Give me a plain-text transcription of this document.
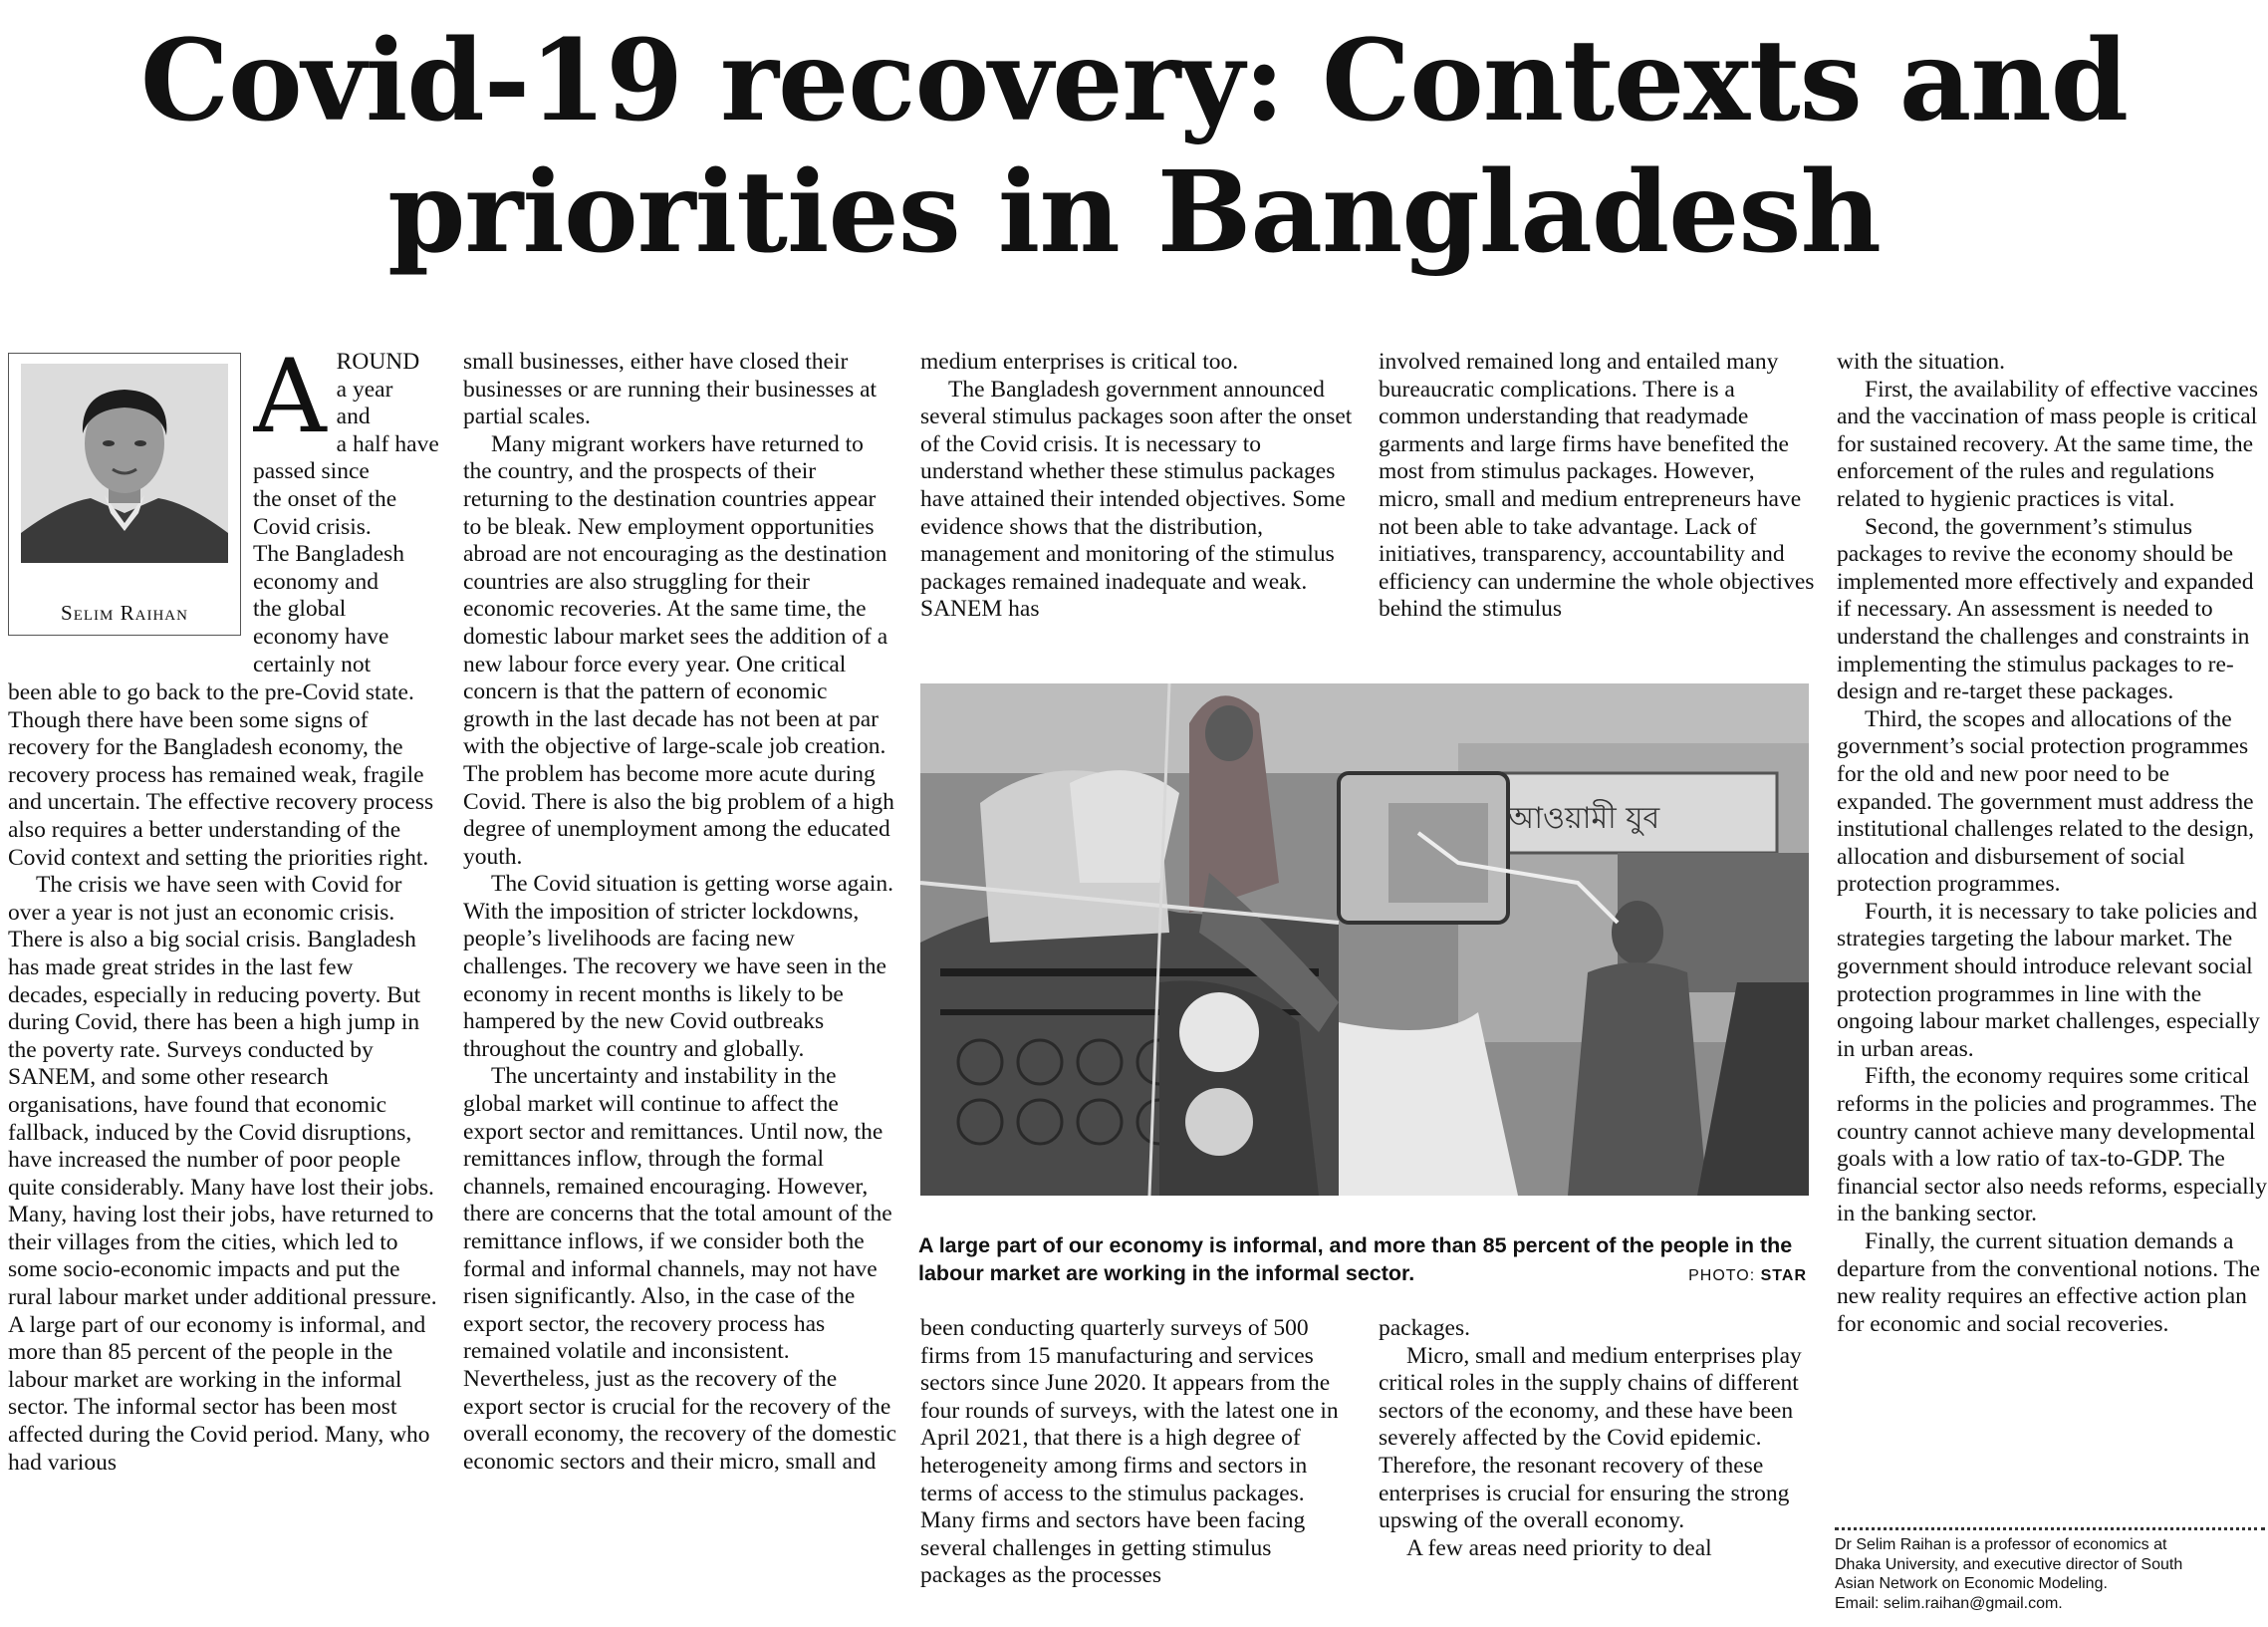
Covid-19 recovery: Contexts and
priorities in Bangladesh
Selim Raihan
A ROUND
a year
and
a half have
passed since
the onset of the
Covid crisis.
The Bangladesh
economy and
the global
economy have
certainly not

been able to go back to the pre-Covid state. Though there have been some signs of recovery for the Bangladesh economy, the recovery process has remained weak, fragile and uncertain. The effective recovery process also requires a better understanding of the Covid context and setting the priorities right.

The crisis we have seen with Covid for over a year is not just an economic crisis. There is also a big social crisis. Bangladesh has made great strides in the last few decades, especially in reducing poverty. But during Covid, there has been a high jump in the poverty rate. Surveys conducted by SANEM, and some other research organisations, have found that economic fallback, induced by the Covid disruptions, have increased the number of poor people quite considerably. Many have lost their jobs. Many, having lost their jobs, have returned to their villages from the cities, which led to some socio-economic impacts and put the rural labour market under additional pressure. A large part of our economy is informal, and more than 85 percent of the people in the labour market are working in the informal sector. The informal sector has been most affected during the Covid period. Many, who had various

small businesses, either have closed their businesses or are running their businesses at partial scales.

Many migrant workers have returned to the country, and the prospects of their returning to the destination countries appear to be bleak. New employment opportunities abroad are not encouraging as the destination countries are also struggling for their economic recoveries. At the same time, the domestic labour market sees the addition of a new labour force every year. One critical concern is that the pattern of economic growth in the last decade has not been at par with the objective of large-scale job creation. The problem has become more acute during Covid. There is also the big problem of a high degree of unemployment among the educated youth.

The Covid situation is getting worse again. With the imposition of stricter lockdowns, people’s livelihoods are facing new challenges. The recovery we have seen in the economy in recent months is likely to be hampered by the new Covid outbreaks throughout the country and globally.

The uncertainty and instability in the global market will continue to affect the export sector and remittances. Until now, the remittances inflow, through the formal channels, remained encouraging. However, there are concerns that the total amount of the remittance inflows, if we consider both the formal and informal channels, may not have risen significantly. Also, in the case of the export sector, the recovery process has remained volatile and inconsistent. Nevertheless, just as the recovery of the export sector is crucial for the recovery of the overall economy, the recovery of the domestic economic sectors and their micro, small and

medium enterprises is critical too.

The Bangladesh government announced several stimulus packages soon after the onset of the Covid crisis. It is necessary to understand whether these stimulus packages have attained their intended objectives. Some evidence shows that the distribution, management and monitoring of the stimulus packages remained inadequate and weak. SANEM has

involved remained long and entailed many bureaucratic complications. There is a common understanding that readymade garments and large firms have benefited the most from stimulus packages. However, micro, small and medium entrepreneurs have not been able to take advantage. Lack of initiatives, transparency, accountability and efficiency can undermine the whole objectives behind the stimulus

আওয়ামী যুব
A large part of our economy is informal, and more than 85 percent of the people in the labour market are working in the informal sector.	PHOTO: STAR

been conducting quarterly surveys of 500 firms from 15 manufacturing and services sectors since June 2020. It appears from the four rounds of surveys, with the latest one in April 2021, that there is a high degree of heterogeneity among firms and sectors in terms of access to the stimulus packages. Many firms and sectors have been facing several challenges in getting stimulus packages as the processes

packages.

Micro, small and medium enterprises play critical roles in the supply chains of different sectors of the economy, and these have been severely affected by the Covid epidemic. Therefore, the resonant recovery of these enterprises is crucial for ensuring the strong upswing of the overall economy.

A few areas need priority to deal

with the situation.

First, the availability of effective vaccines and the vaccination of mass people is critical for sustained recovery. At the same time, the enforcement of the rules and regulations related to hygienic practices is vital.

Second, the government’s stimulus packages to revive the economy should be implemented more effectively and expanded if necessary. An assessment is needed to understand the challenges and constraints in implementing the stimulus packages to re-design and re-target these packages.

Third, the scopes and allocations of the government’s social protection programmes for the old and new poor need to be expanded. The government must address the institutional challenges related to the design, allocation and disbursement of social protection programmes.

Fourth, it is necessary to take policies and strategies targeting the labour market. The government should introduce relevant social protection programmes in line with the ongoing labour market challenges, especially in urban areas.

Fifth, the economy requires some critical reforms in the policies and programmes. The country cannot achieve many developmental goals with a low ratio of tax-to-GDP. The financial sector also needs reforms, especially in the banking sector.

Finally, the current situation demands a departure from the conventional notions. The new reality requires an effective action plan for economic and social recoveries.

Dr Selim Raihan is a professor of economics at
Dhaka University, and executive director of South
Asian Network on Economic Modeling.
Email: selim.raihan@gmail.com.
